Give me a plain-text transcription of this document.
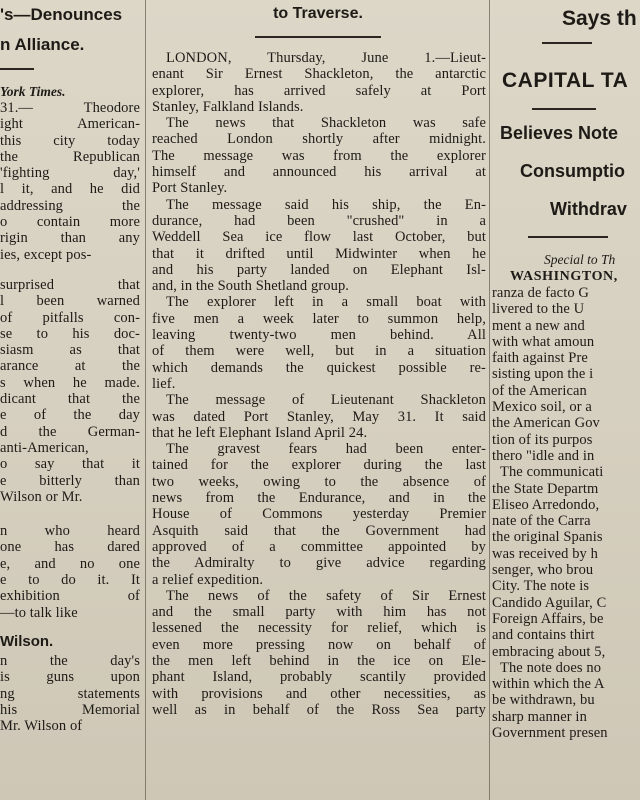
's—Denounces
n Alliance.
York Times.
31.— Theodore
ight American-
this city today
the Republican
'fighting day,'
l it, and he did
addressing the
o contain more
rigin than any
ies, except pos-
surprised that
l been warned
of pitfalls con-
se to his doc-
siasm as that
arance at the
s when he made.
dicant that the
e of the day
d the German-
anti-American,
o say that it
e bitterly than
Wilson or Mr.
n who heard
one has dared
e, and no one
e to do it. It
exhibition of
—to talk like
Wilson.
n the day's
is guns upon
ng statements
his Memorial
Mr. Wilson of
to Traverse.
LONDON, Thursday, June 1.—Lieut-
enant Sir Ernest Shackleton, the antarctic
explorer, has arrived safely at Port
Stanley, Falkland Islands.
The news that Shackleton was safe
reached London shortly after midnight.
The message was from the explorer
himself and announced his arrival at
Port Stanley.
The message said his ship, the En-
durance, had been "crushed" in a
Weddell Sea ice flow last October, but
that it drifted until Midwinter when he
and his party landed on Elephant Isl-
and, in the South Shetland group.
The explorer left in a small boat with
five men a week later to summon help,
leaving twenty-two men behind. All
of them were well, but in a situation
which demands the quickest possible re-
lief.
The message of Lieutenant Shackleton
was dated Port Stanley, May 31. It said
that he left Elephant Island April 24.
The gravest fears had been enter-
tained for the explorer during the last
two weeks, owing to the absence of
news from the Endurance, and in the
House of Commons yesterday Premier
Asquith said that the Government had
approved of a committee appointed by
the Admiralty to give advice regarding
a relief expedition.
The news of the safety of Sir Ernest
and the small party with him has not
lessened the necessity for relief, which is
even more pressing now on behalf of
the men left behind in the ice on Ele-
phant Island, probably scantily provided
with provisions and other necessities, as
well as in behalf of the Ross Sea party
Says th
CAPITAL TA
Believes Note
Consumptio
Withdrav
Special to Th
WASHINGTON,
ranza de facto G
livered to the U
ment a new and
with what amoun
faith against Pre
sisting upon the i
of the American
Mexico soil, or a
the American Gov
tion of its purpos
thero "idle and in
The communicati
the State Departm
Eliseo Arredondo,
nate of the Carra
the original Spanis
was received by h
senger, who brou
City. The note is
Candido Aguilar, C
Foreign Affairs, be
and contains thirt
embracing about 5,
The note does no
within which the A
be withdrawn, bu
sharp manner in
Government presen
